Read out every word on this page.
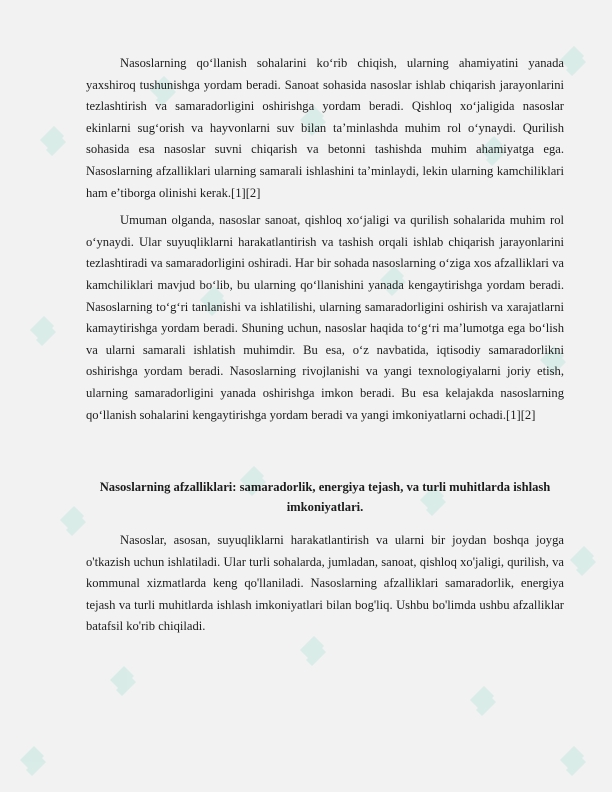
Nasoslarning qo‘llanish sohalarini ko‘rib chiqish, ularning ahamiyatini yanada yaxshiroq tushunishga yordam beradi. Sanoat sohasida nasoslar ishlab chiqarish jarayonlarini tezlashtirish va samaradorligini oshirishga yordam beradi. Qishloq xo‘jaligida nasoslar ekinlarni sug‘orish va hayvonlarni suv bilan ta’minlashda muhim rol o‘ynaydi. Qurilish sohasida esa nasoslar suvni chiqarish va betonni tashishda muhim ahamiyatga ega. Nasoslarning afzalliklari ularning samarali ishlashini ta’minlaydi, lekin ularning kamchiliklari ham e’tiborga olinishi kerak.[1][2]

Umuman olganda, nasoslar sanoat, qishloq xo‘jaligi va qurilish sohalarida muhim rol o‘ynaydi. Ular suyuqliklarni harakatlantirish va tashish orqali ishlab chiqarish jarayonlarini tezlashtiradi va samaradorligini oshiradi. Har bir sohada nasoslarning o‘ziga xos afzalliklari va kamchiliklari mavjud bo‘lib, bu ularning qo‘llanishini yanada kengaytirishga yordam beradi. Nasoslarning to‘g‘ri tanlanishi va ishlatilishi, ularning samaradorligini oshirish va xarajatlarni kamaytirishga yordam beradi. Shuning uchun, nasoslar haqida to‘g‘ri ma’lumotga ega bo‘lish va ularni samarali ishlatish muhimdir. Bu esa, o‘z navbatida, iqtisodiy samaradorlikni oshirishga yordam beradi. Nasoslarning rivojlanishi va yangi texnologiyalarni joriy etish, ularning samaradorligini yanada oshirishga imkon beradi. Bu esa kelajakda nasoslarning qo‘llanish sohalarini kengaytirishga yordam beradi va yangi imkoniyatlarni ochadi.[1][2]

Nasoslarning afzalliklari: samaradorlik, energiya tejash, va turli muhitlarda ishlash imkoniyatlari.

Nasoslar, asosan, suyuqliklarni harakatlantirish va ularni bir joydan boshqa joyga o'tkazish uchun ishlatiladi. Ular turli sohalarda, jumladan, sanoat, qishloq xo'jaligi, qurilish, va kommunal xizmatlarda keng qo'llaniladi. Nasoslarning afzalliklari samaradorlik, energiya tejash va turli muhitlarda ishlash imkoniyatlari bilan bog'liq. Ushbu bo'limda ushbu afzalliklar batafsil ko'rib chiqiladi.
